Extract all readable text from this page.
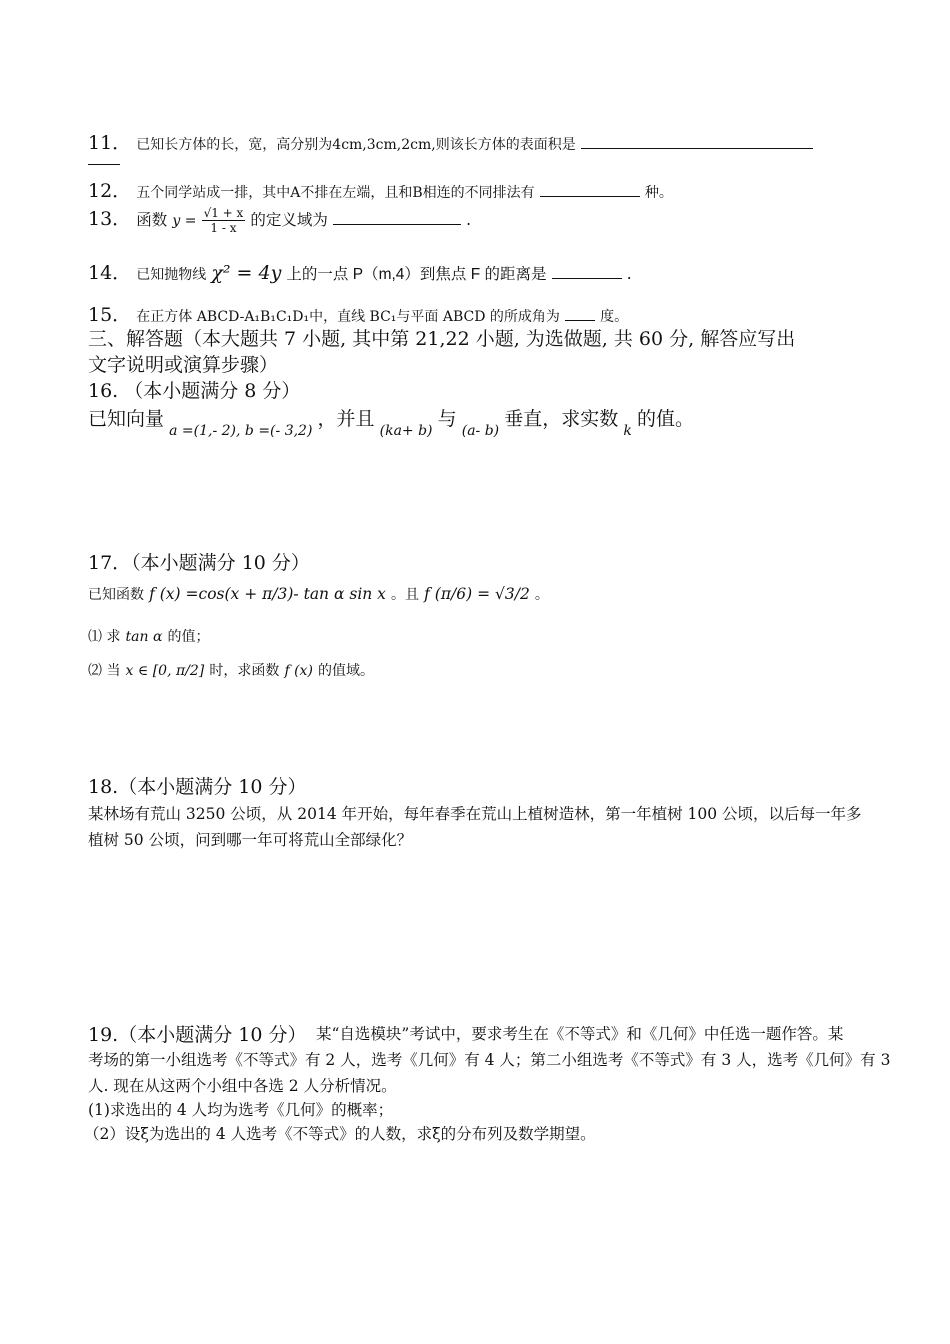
11． 已知长方体的长，宽，高分别为4cm,3cm,2cm,则该长方体的表面积是
12． 五个同学站成一排，其中A不排在左端，且和B相连的不同排法有	种。
13． 函数 $y = \frac{√1 + x}{1 - x}$ 的定义域为	.
14． 已知抛物线 χ² = 4y 上的一点 P（m,4）到焦点 F 的距离是	.
15． 在正方体 ABCD-A₁B₁C₁D₁中，直线 BC₁与平面 ABCD 的所成角为	度。
三、解答题（本大题共 7 小题, 其中第 21,22 小题, 为选做题, 共 60 分, 解答应写出
文字说明或演算步骤）
16. （本小题满分 8 分）
已知向量 a =(1,- 2), b =(- 3,2) ，并且 (ka+ b) 与 (a- b) 垂直，求实数 k 的值。
17．（本小题满分 10 分）
已知函数 f (x) =cos(x + π/3)- tan α sin x 。且 f (π/6) = √3/2 。
⑴ 求 tan α 的值；
⑵ 当 x ∈ [0, π/2] 时，求函数 f (x) 的值域。
18.（本小题满分 10 分）
某林场有荒山 3250 公顷，从 2014 年开始，每年春季在荒山上植树造林，第一年植树 100 公顷，以后每一年多
植树 50 公顷，问到哪一年可将荒山全部绿化？
19.（本小题满分 10 分） 某“自选模块”考试中，要求考生在《不等式》和《几何》中任选一题作答。某
考场的第一小组选考《不等式》有 2 人，选考《几何》有 4 人；第二小组选考《不等式》有 3 人，选考《几何》有 3
人. 现在从这两个小组中各选 2 人分析情况。
(1)求选出的 4 人均为选考《几何》的概率；
（2）设ξ为选出的 4 人选考《不等式》的人数，求ξ的分布列及数学期望。
